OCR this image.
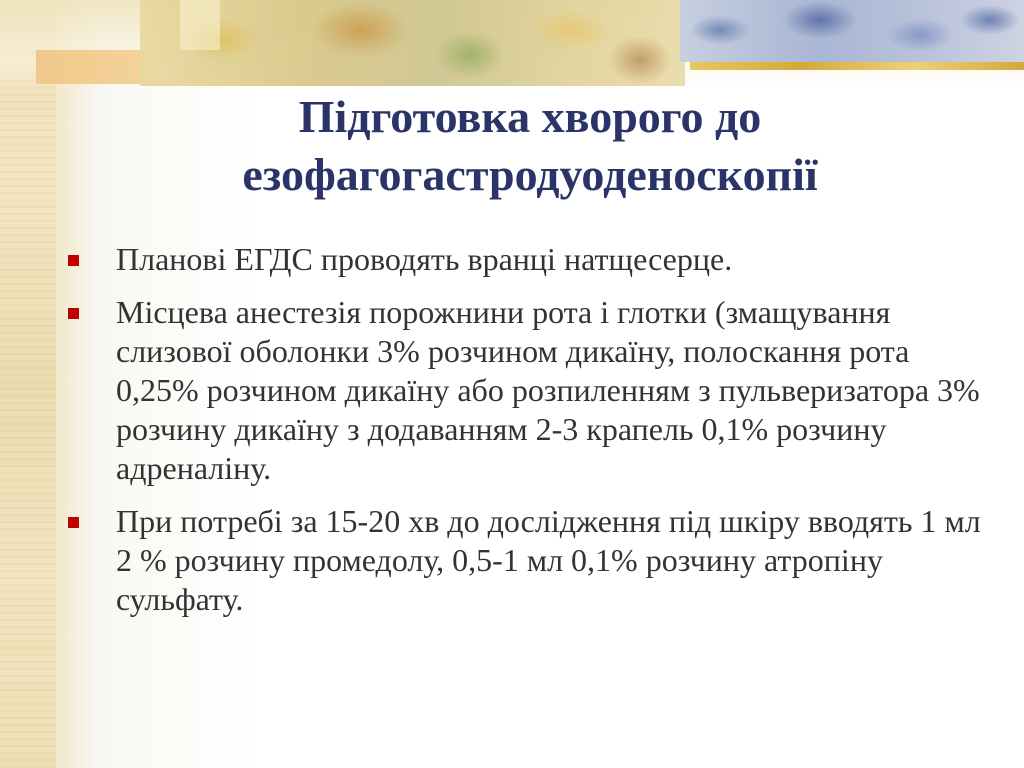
Підготовка хворого до
езофагогастродуоденоскопії
Планові ЕГДС проводять вранці натщесерце.
Місцева анестезія порожнини рота і глотки (змащування слизової оболонки 3% розчином дикаїну, полоскання рота 0,25% розчином дикаїну або розпиленням з пульверизатора 3% розчину дикаїну з додаванням 2-3 крапель 0,1% розчину адреналіну.
При потребі за 15-20 хв до дослідження під шкіру вводять 1 мл 2 % розчину промедолу, 0,5-1 мл 0,1% розчину атропіну сульфату.
